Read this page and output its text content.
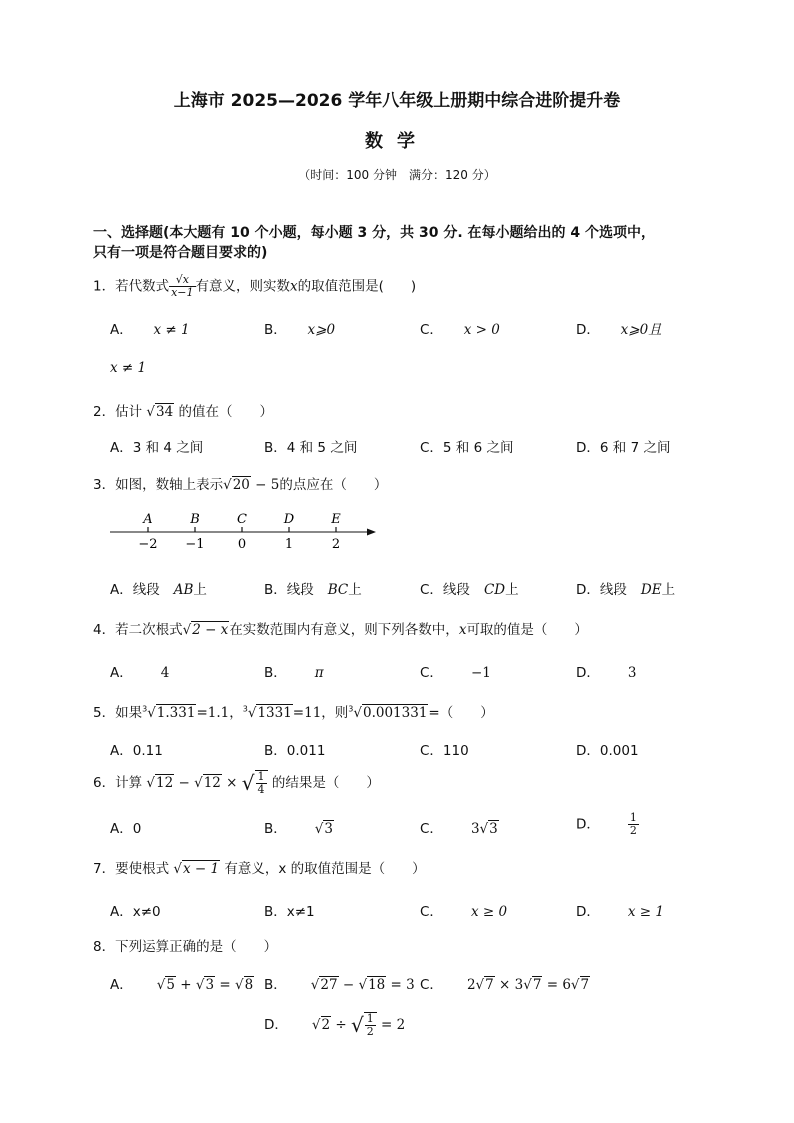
上海市 2025—2026 学年八年级上册期中综合进阶提升卷
数学
（时间：100 分钟　满分：120 分）
一、选择题(本大题有 10 个小题，每小题 3 分，共 30 分. 在每小题给出的 4 个选项中，
只有一项是符合题目要求的)
1．若代数式 $\frac{√x}{x-1}$ 有意义，则实数x的取值范围是(　　)
A．　 x ≠ 1	B．　 x⩾0	C．　 x > 0	D．　 x⩾0且
x ≠ 1
2．估计 √34 的值在（　　）
A．3 和 4 之间	B．4 和 5 之间	C．5 和 6 之间	D．6 和 7 之间
3．如图，数轴上表示√20 − 5的点应在（　　）
A
−2
B
−1
C
0
D
1
E
2
A．线段 AB上	B．线段 BC上	C．线段 CD上	D．线段 DE上
4．若二次根式√2 − x在实数范围内有意义，则下列各数中，x可取的值是（　　）
A． 4	B． π	C． −1	D． 3
5．如果$^3$√1.331=1.1，$^3$√1331=11，则$^3$√0.001331=（　　）
A．0.11	B．0.011	C．110	D．0.001
6．计算 √12 − √12 × √ $\frac{1}{4}$ 的结果是（　　）
A．0	B． √3	C． 3√3	D．	$\frac{1}{2}$
7．要使根式 √x − 1 有意义，x 的取值范围是（　　）
A．x≠0	B．x≠1	C． x ≥ 0	D． x ≥ 1
8．下列运算正确的是（　　）
A． √5 + √3 = √8 B． √27 − √18 = 3 C． 2√7 × 3√7 = 6√7
D． √2 ÷ √ $\frac{1}{2} = 2$
